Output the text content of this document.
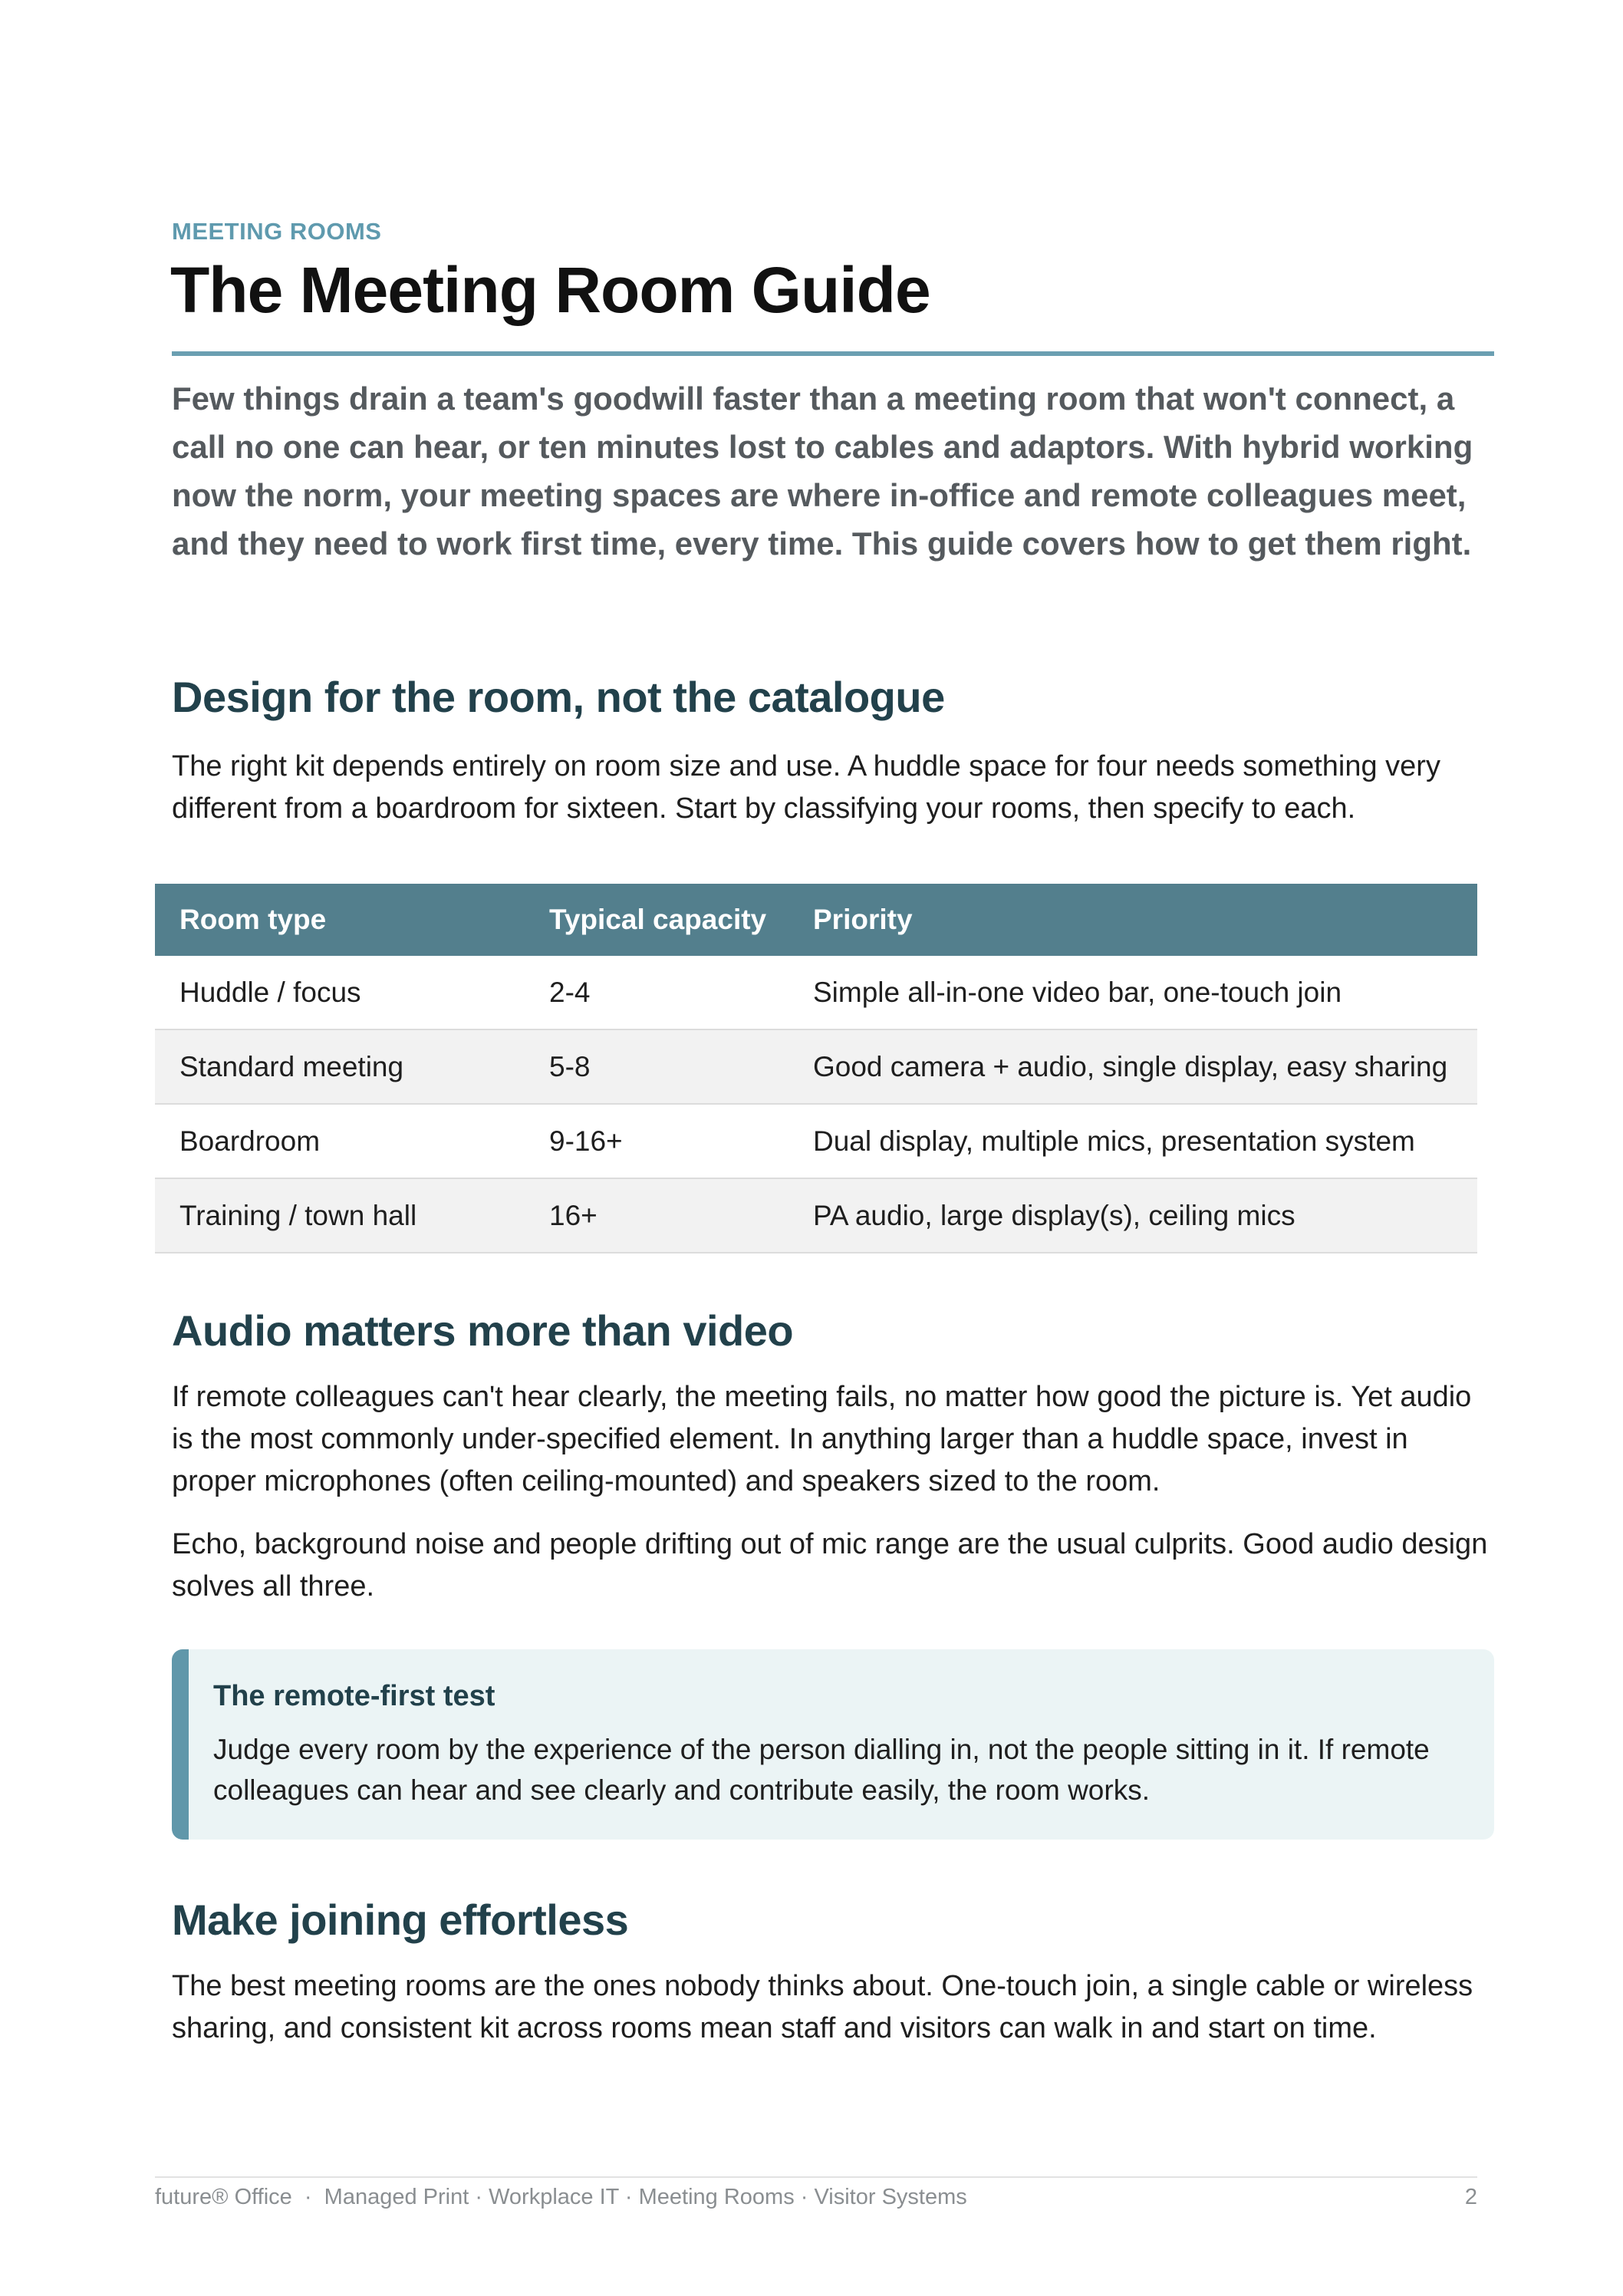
MEETING ROOMS
The Meeting Room Guide

Few things drain a team's goodwill faster than a meeting room that won't connect, a call no one can hear, or ten minutes lost to cables and adaptors. With hybrid working now the norm, your meeting spaces are where in-office and remote colleagues meet, and they need to work first time, every time. This guide covers how to get them right.

Design for the room, not the catalogue

The right kit depends entirely on room size and use. A huddle space for four needs something very different from a boardroom for sixteen. Start by classifying your rooms, then specify to each.

Room type	Typical capacity	Priority
Huddle / focus	2-4	Simple all-in-one video bar, one-touch join
Standard meeting	5-8	Good camera + audio, single display, easy sharing
Boardroom	9-16+	Dual display, multiple mics, presentation system
Training / town hall	16+	PA audio, large display(s), ceiling mics
Audio matters more than video

If remote colleagues can't hear clearly, the meeting fails, no matter how good the picture is. Yet audio is the most commonly under-specified element. In anything larger than a huddle space, invest in proper microphones (often ceiling-mounted) and speakers sized to the room.

Echo, background noise and people drifting out of mic range are the usual culprits. Good audio design solves all three.

The remote-first test

Judge every room by the experience of the person dialling in, not the people sitting in it. If remote colleagues can hear and see clearly and contribute easily, the room works.

Make joining effortless

The best meeting rooms are the ones nobody thinks about. One-touch join, a single cable or wireless sharing, and consistent kit across rooms mean staff and visitors can walk in and start on time.

future® Office  ·  Managed Print · Workplace IT · Meeting Rooms · Visitor Systems	2
